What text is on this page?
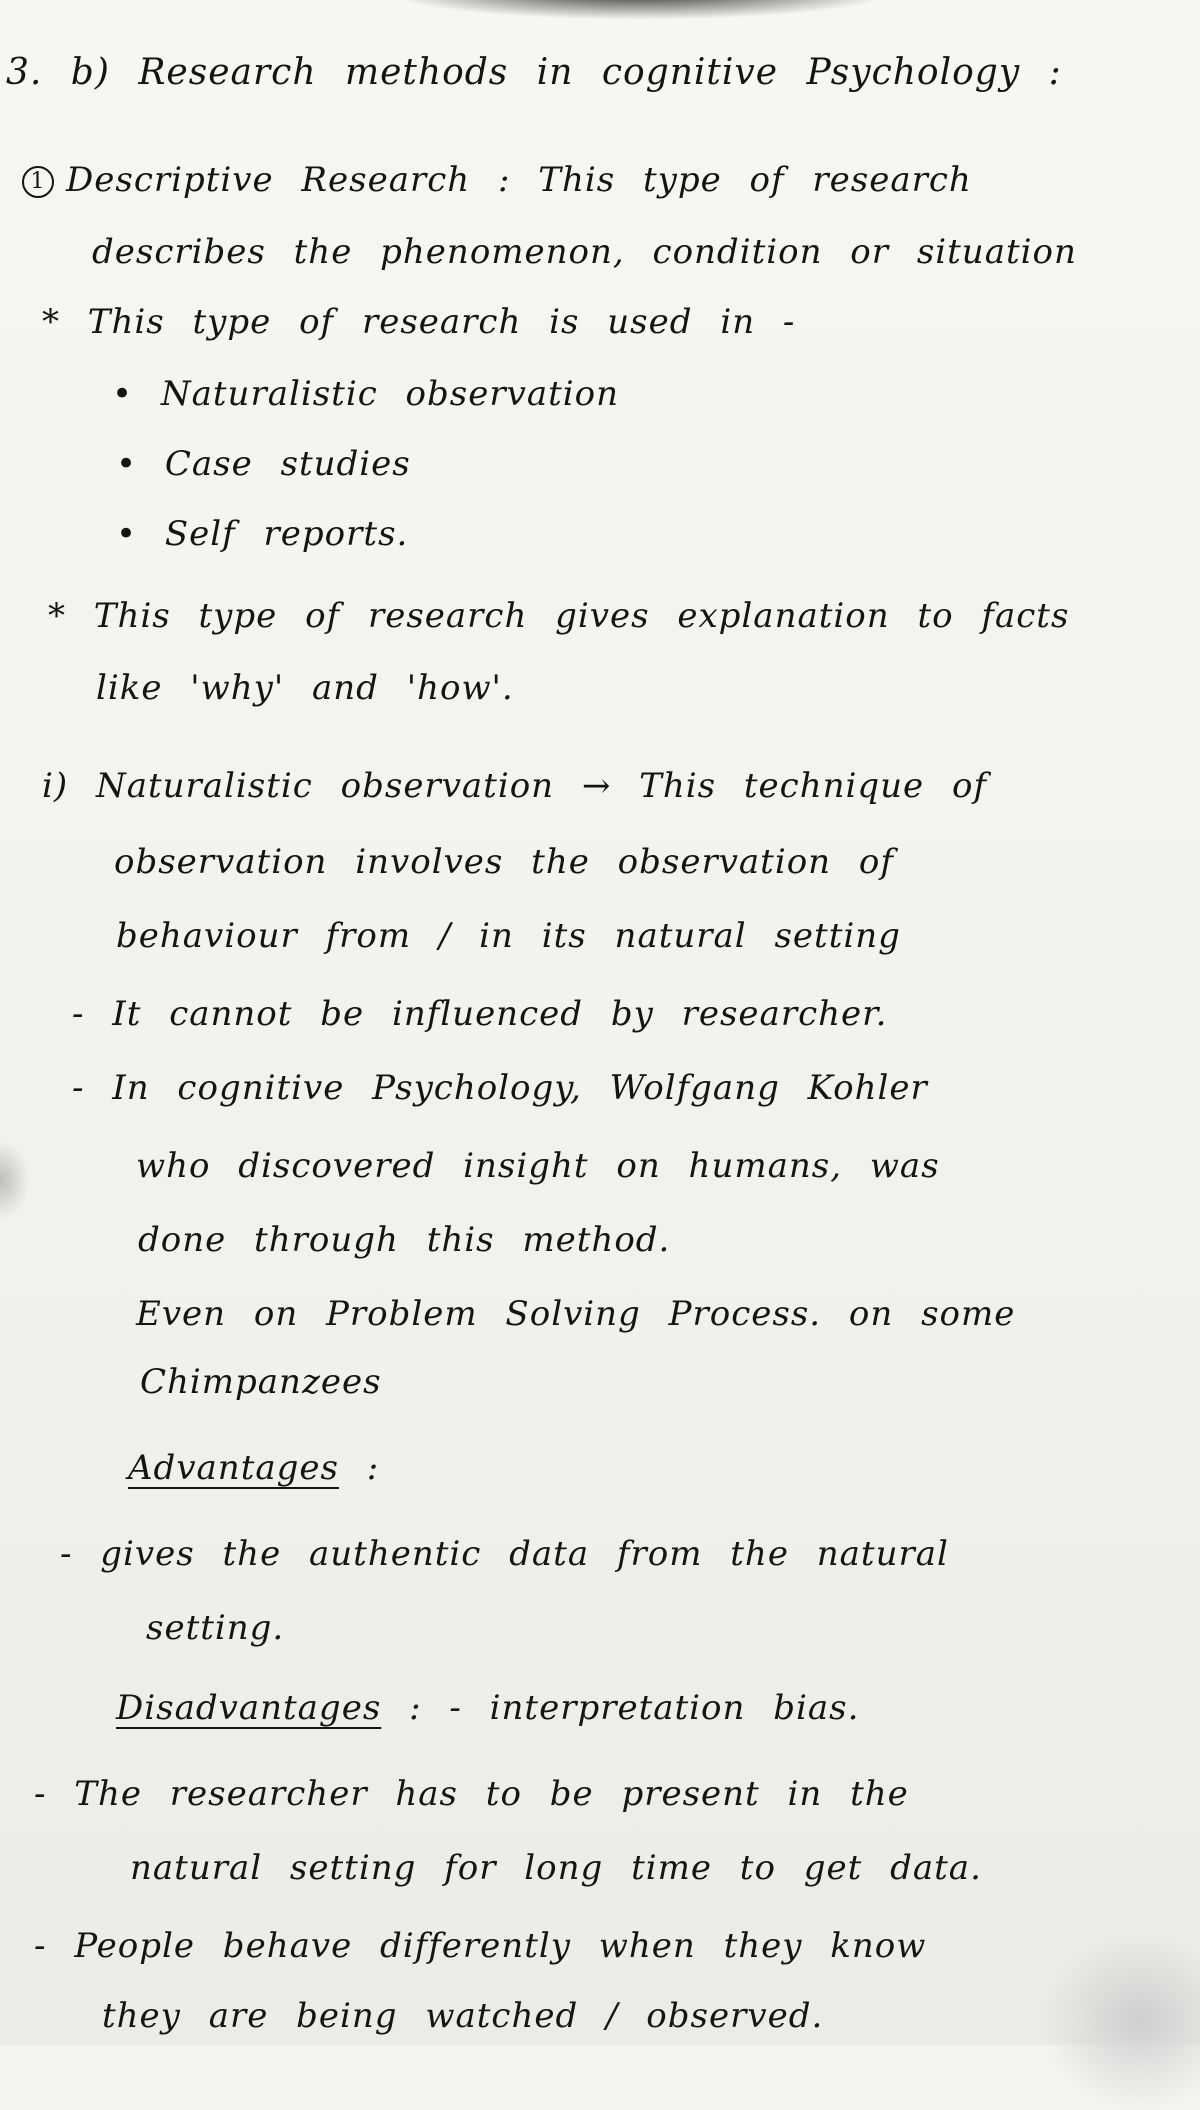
3. b) Research methods in cognitive Psychology :
1 Descriptive Research : This type of research
describes the phenomenon, condition or situation
* This type of research is used in -
• Naturalistic observation
• Case studies
• Self reports.
* This type of research gives explanation to facts
like 'why' and 'how'.
i) Naturalistic observation → This technique of
observation involves the observation of
behaviour from / in its natural setting
- It cannot be influenced by researcher.
- In cognitive Psychology, Wolfgang Kohler
who discovered insight on humans, was
done through this method.
Even on Problem Solving Process. on some
Chimpanzees
Advantages :
- gives the authentic data from the natural
setting.
Disadvantages : - interpretation bias.
- The researcher has to be present in the
natural setting for long time to get data.
- People behave differently when they know
they are being watched / observed.
